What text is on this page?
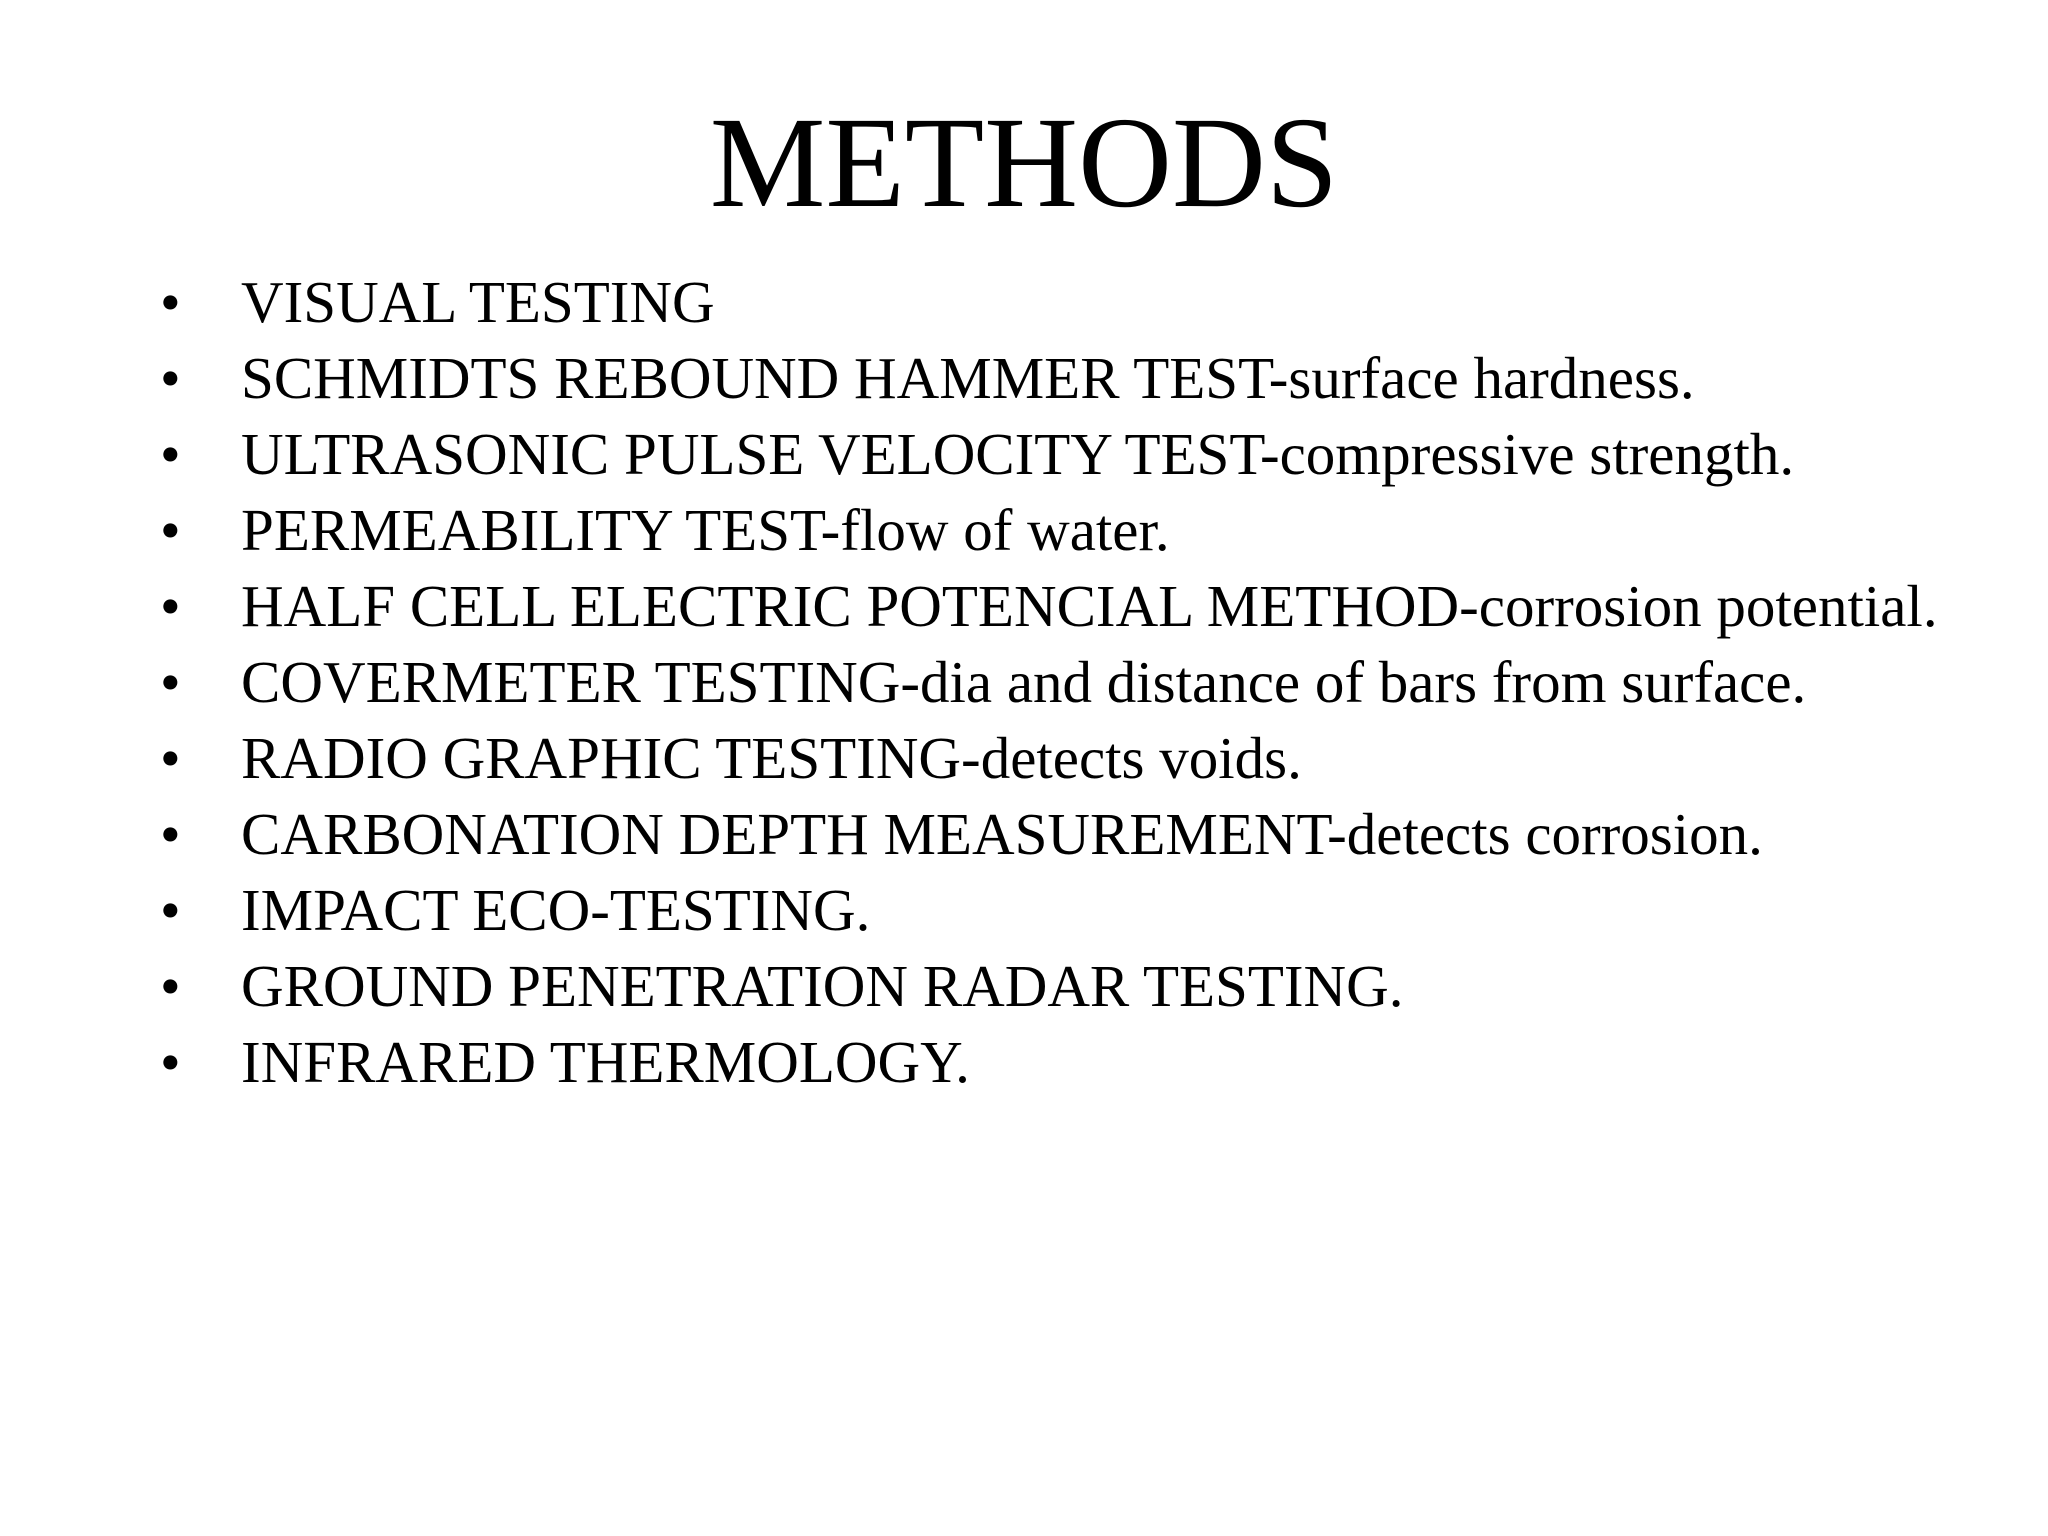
METHODS
•	VISUAL TESTING
•	SCHMIDTS REBOUND HAMMER TEST-surface hardness.
•	ULTRASONIC PULSE VELOCITY TEST-compressive strength.
•	PERMEABILITY TEST-flow of water.
•	HALF CELL ELECTRIC POTENCIAL METHOD-corrosion potential.
•	COVERMETER TESTING-dia and distance of bars from surface.
•	RADIO GRAPHIC TESTING-detects voids.
•	CARBONATION DEPTH MEASUREMENT-detects corrosion.
•	IMPACT ECO-TESTING.
•	GROUND PENETRATION RADAR TESTING.
•	INFRARED THERMOLOGY.
